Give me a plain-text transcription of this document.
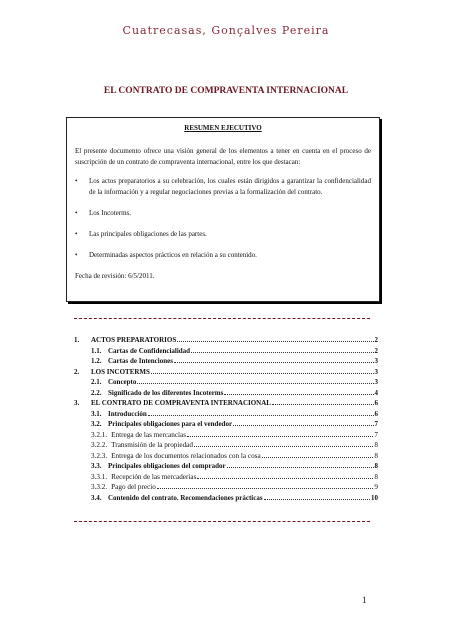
Cuatrecasas, Gonçalves Pereira
EL CONTRATO DE COMPRAVENTA INTERNACIONAL
RESUMEN EJECUTIVO
El presente documento ofrece una visión general de los elementos a tener en cuenta en el proceso de suscripción de un contrato de compraventa internacional, entre los que destacan:
• Los actos preparatorios a su celebración, los cuales están dirigidos a garantizar la confidencialidad de la información y a regular negociaciones previas a la formalización del contrato.
• Los Incoterms.
• Las principales obligaciones de las partes.
• Determinadas aspectos prácticos en relación a su contenido.
Fecha de revisión: 6/5/2011.
1.	ACTOS PREPARATORIOS	2
1.1. Cartas de Confidencialidad	2
1.2. Cartas de Intenciones	3
2.	LOS INCOTERMS	3
2.1. Concepto	3
2.2. Significado de los diferentes Incoterms	4
3.	EL CONTRATO DE COMPRAVENTA INTERNACIONAL	6
3.1. Introducción	6
3.2. Principales obligaciones para el vendedor	7
3.2.1. Entrega de las mercancías	7
3.2.2. Transmisión de la propiedad	8
3.2.3. Entrega de los documentos relacionados con la cosa	8
3.3. Principales obligaciones del comprador	8
3.3.1. Recepción de las mercaderías	8
3.3.2. Pago del precio	9
3.4. Contenido del contrato. Recomendaciones prácticas	10
1
